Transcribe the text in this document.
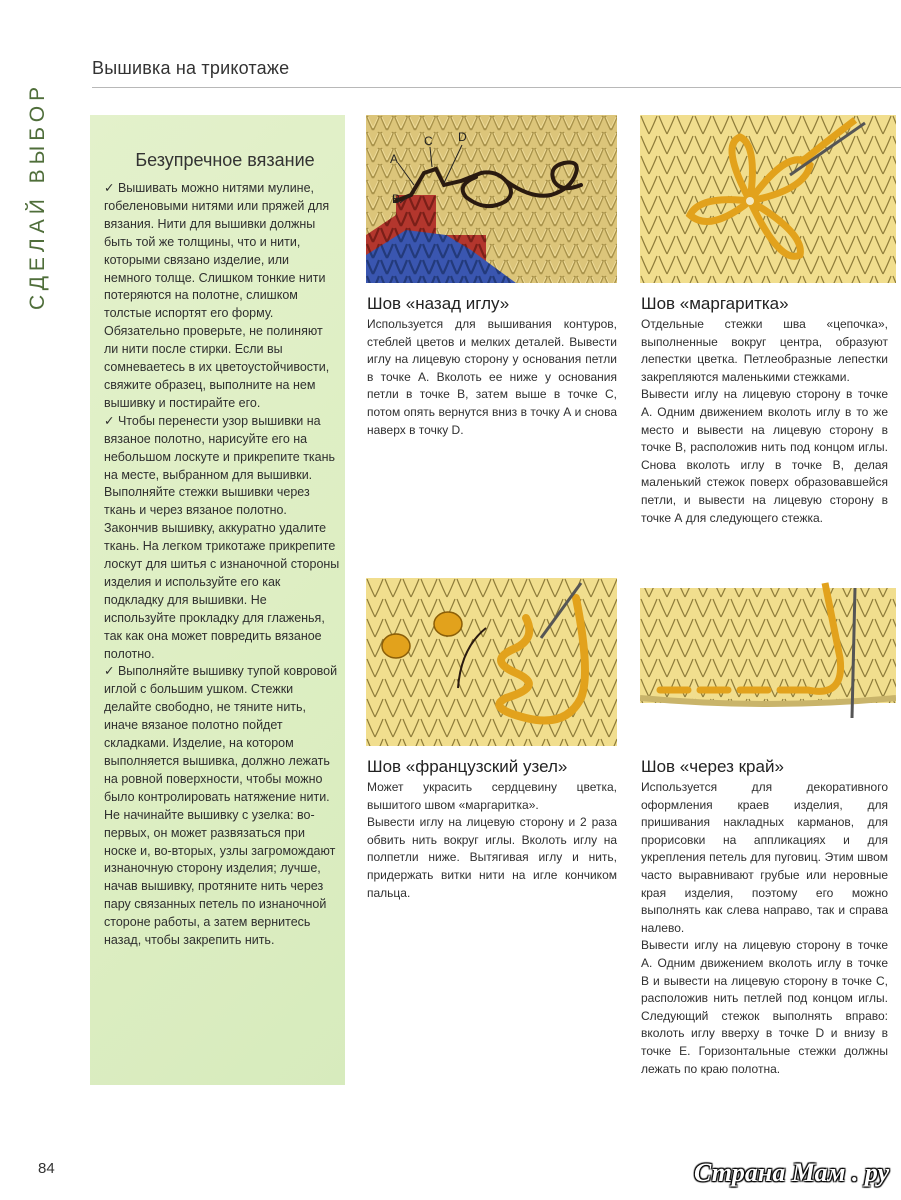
СДЕЛАЙ ВЫБОР
Вышивка на трикотаже
Безупречное вязание

✓ Вышивать можно нитями мулине, гобеленовыми нитями или пряжей для вязания. Нити для вышивки должны быть той же толщины, что и нити, которыми связано изделие, или немного толще. Слишком тонкие нити потеряются на полотне, слишком толстые испортят его форму. Обязательно проверьте, не полиняют ли нити после стирки. Если вы сомневаетесь в их цветоустойчивости, свяжите образец, выполните на нем вышивку и постирайте его.

✓ Чтобы перенести узор вышивки на вязаное полотно, нарисуйте его на небольшом лоскуте и прикрепите ткань на месте, выбранном для вышивки. Выполняйте стежки вышивки через ткань и через вязаное полотно. Закончив вышивку, аккуратно удалите ткань. На легком трикотаже прикрепите лоскут для шитья с изнаночной стороны изделия и используйте его как подкладку для вышивки. Не используйте прокладку для глаженья, так как она может повредить вязаное полотно.

✓ Выполняйте вышивку тупой ковровой иглой с большим ушком. Стежки делайте свободно, не тяните нить, иначе вязаное полотно пойдет складками. Изделие, на котором выполняется вышивка, должно лежать на ровной поверхности, чтобы можно было контролировать натяжение нити. Не начинайте вышивку с узелка: во-первых, он может развязаться при носке и, во-вторых, узлы загромождают изнаночную сторону изделия; лучше, начав вышивку, протяните нить через пару связанных петель по изнаночной стороне работы, а затем вернитесь назад, чтобы закрепить нить.

A
B
C D
Шов «назад иглу»

Используется для вышивания контуров, стеблей цветов и мелких деталей. Вывести иглу на лицевую сторону у основания петли в точке А. Вколоть ее ниже у основания петли в точке В, затем выше в точке С, потом опять вернутся вниз в точку А и снова наверх в точку D.

Шов «маргаритка»

Отдельные стежки шва «цепочка», выполненные вокруг центра, образуют лепестки цветка. Петлеобразные лепестки закрепляются маленькими стежками.

Вывести иглу на лицевую сторону в точке А. Одним движением вколоть иглу в то же место и вывести на лицевую сторону в точке В, расположив нить под концом иглы. Снова вколоть иглу в точке В, делая маленький стежок поверх образовавшейся петли, и вывести на лицевую сторону в точке А для следующего стежка.

Шов «французский узел»

Может украсить сердцевину цветка, вышитого швом «маргаритка».

Вывести иглу на лицевую сторону и 2 раза обвить нить вокруг иглы. Вколоть иглу на полпетли ниже. Вытягивая иглу и нить, придержать витки нити на игле кончиком пальца.

Шов «через край»

Используется для декоративного оформления краев изделия, для пришивания накладных карманов, для прорисовки на аппликациях и для укрепления петель для пуговиц. Этим швом часто выравнивают грубые или неровные края изделия, поэтому его можно выполнять как слева направо, так и справа налево.

Вывести иглу на лицевую сторону в точке А. Одним движением вколоть иглу в точке В и вывести на лицевую сторону в точке С, расположив нить петлей под концом иглы. Следующий стежок выполнять вправо: вколоть иглу вверху в точке D и внизу в точке Е. Горизонтальные стежки должны лежать по краю полотна.

84	Страна Мам . ру
